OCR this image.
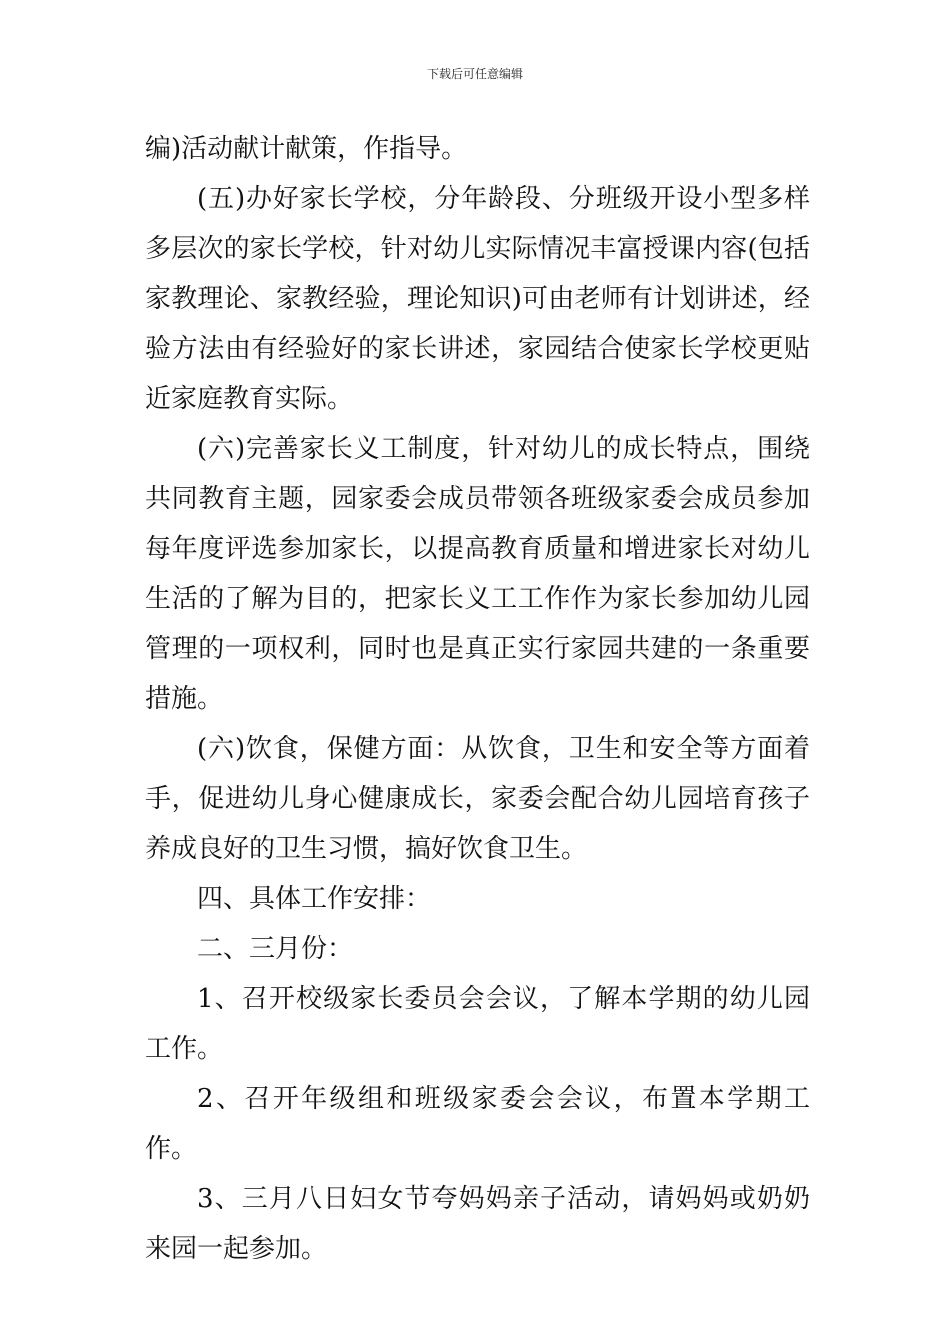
下载后可任意编辑

编)活动献计献策，作指导。

(五)办好家长学校，分年龄段、分班级开设小型多样多层次的家长学校，针对幼儿实际情况丰富授课内容(包括家教理论、家教经验，理论知识)可由老师有计划讲述，经验方法由有经验好的家长讲述，家园结合使家长学校更贴近家庭教育实际。

(六)完善家长义工制度，针对幼儿的成长特点，围绕共同教育主题，园家委会成员带领各班级家委会成员参加每年度评选参加家长，以提高教育质量和增进家长对幼儿生活的了解为目的，把家长义工工作作为家长参加幼儿园管理的一项权利，同时也是真正实行家园共建的一条重要措施。

(六)饮食，保健方面：从饮食，卫生和安全等方面着手，促进幼儿身心健康成长，家委会配合幼儿园培育孩子养成良好的卫生习惯，搞好饮食卫生。

四、具体工作安排：

二、三月份：

1、召开校级家长委员会会议，了解本学期的幼儿园工作。

2、召开年级组和班级家委会会议，布置本学期工作。

3、三月八日妇女节夸妈妈亲子活动，请妈妈或奶奶来园一起参加。
